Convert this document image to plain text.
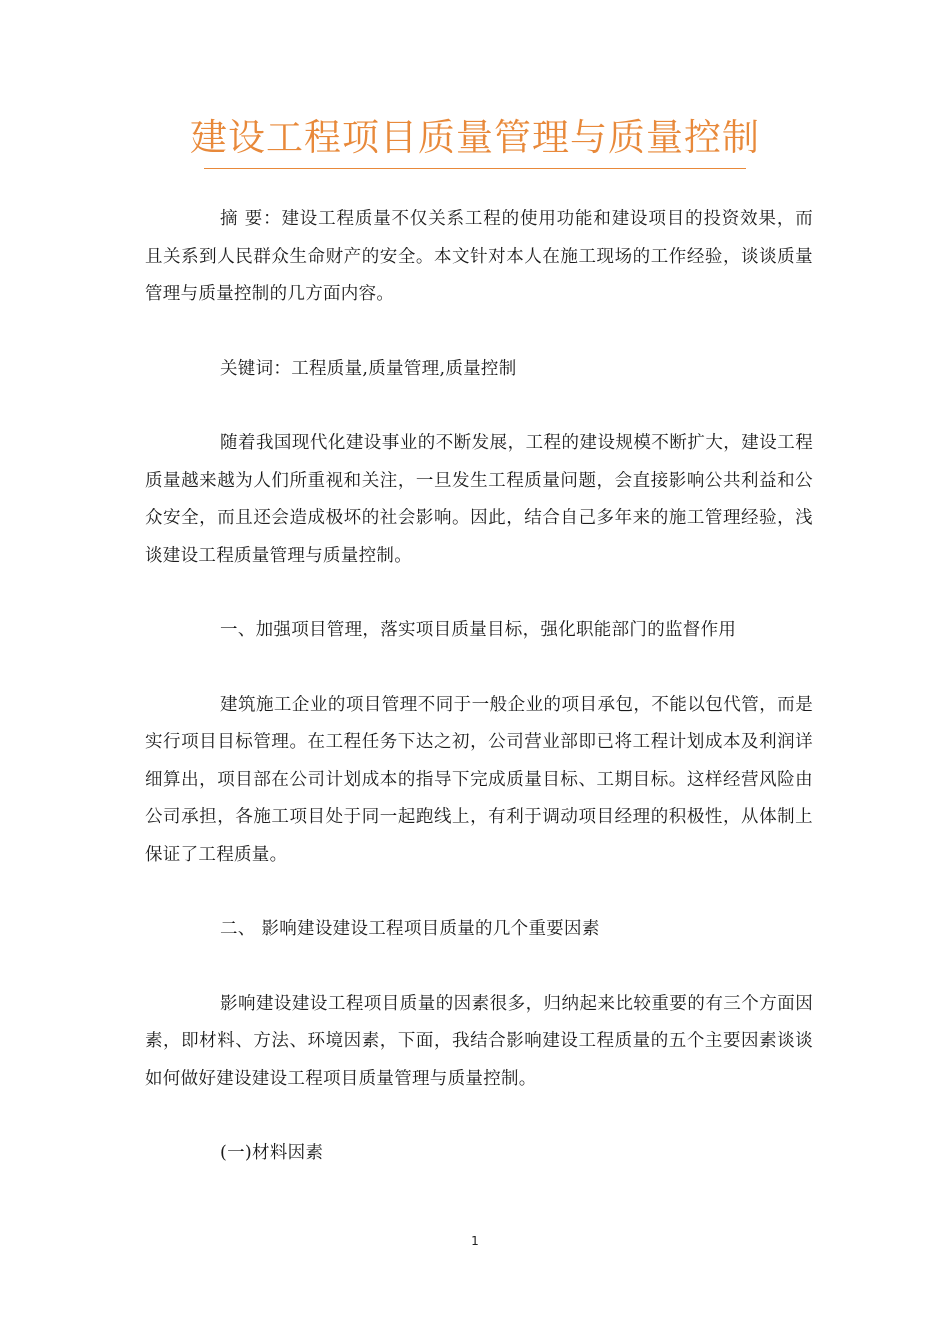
建设工程项目质量管理与质量控制

摘 要：建设工程质量不仅关系工程的使用功能和建设项目的投资效果，而且关系到人民群众生命财产的安全。本文针对本人在施工现场的工作经验，谈谈质量管理与质量控制的几方面内容。

关键词：工程质量,质量管理,质量控制

随着我国现代化建设事业的不断发展，工程的建设规模不断扩大，建设工程质量越来越为人们所重视和关注，一旦发生工程质量问题，会直接影响公共利益和公众安全，而且还会造成极坏的社会影响。因此，结合自己多年来的施工管理经验，浅谈建设工程质量管理与质量控制。

一、加强项目管理，落实项目质量目标，强化职能部门的监督作用

建筑施工企业的项目管理不同于一般企业的项目承包，不能以包代管，而是实行项目目标管理。在工程任务下达之初，公司营业部即已将工程计划成本及利润详细算出，项目部在公司计划成本的指导下完成质量目标、工期目标。这样经营风险由公司承担，各施工项目处于同一起跑线上，有利于调动项目经理的积极性，从体制上保证了工程质量。

二、 影响建设建设工程项目质量的几个重要因素

影响建设建设工程项目质量的因素很多，归纳起来比较重要的有三个方面因素，即材料、方法、环境因素，下面，我结合影响建设工程质量的五个主要因素谈谈如何做好建设建设工程项目质量管理与质量控制。

(一)材料因素

1
